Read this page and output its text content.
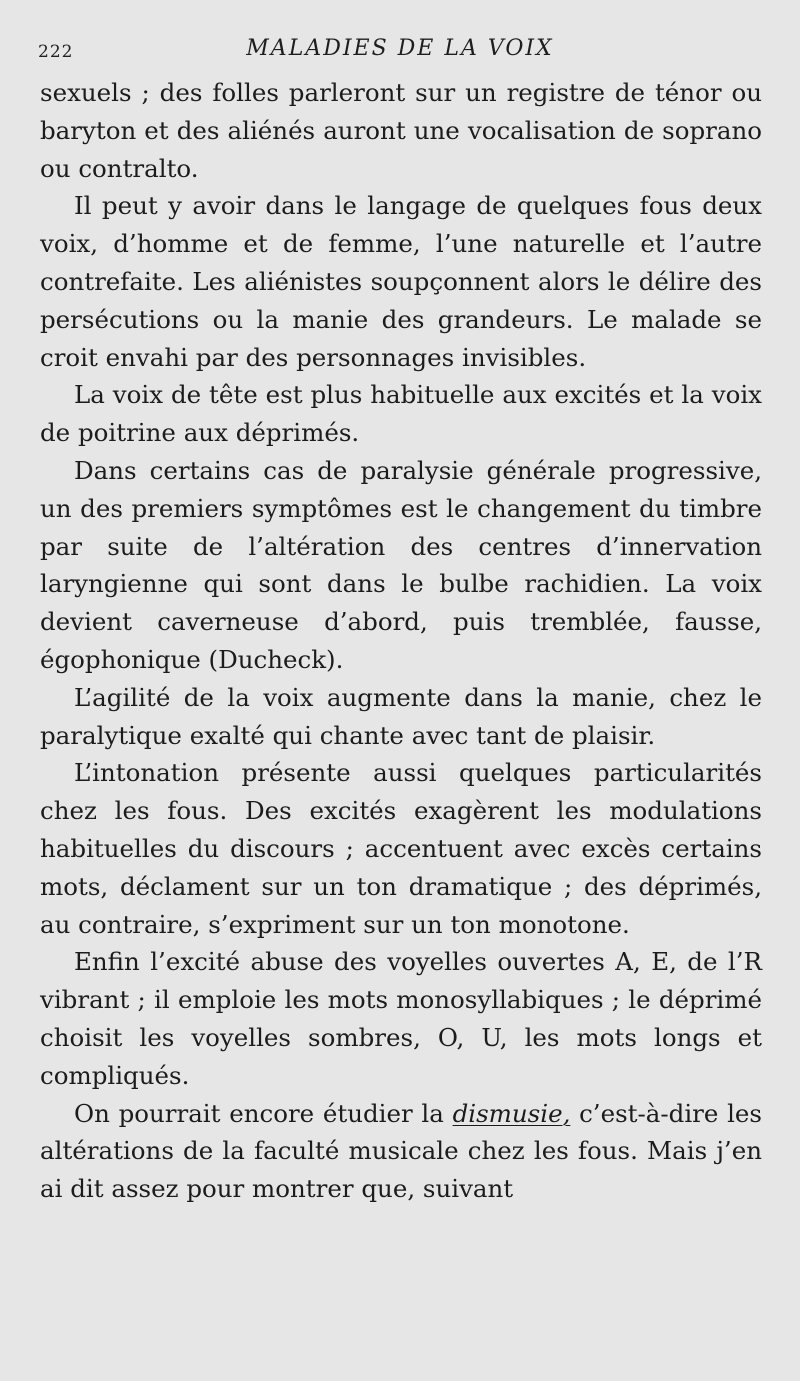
222	MALADIES DE LA VOIX

sexuels ; des folles parleront sur un registre de ténor ou baryton et des aliénés auront une vocalisation de soprano ou contralto.

Il peut y avoir dans le langage de quelques fous deux voix, d’homme et de femme, l’une naturelle et l’autre contrefaite. Les aliénistes soupçonnent alors le délire des persécutions ou la manie des grandeurs. Le malade se croit envahi par des personnages invisibles.

La voix de tête est plus habituelle aux excités et la voix de poitrine aux déprimés.

Dans certains cas de paralysie générale progressive, un des premiers symptômes est le changement du timbre par suite de l’altération des centres d’innervation laryngienne qui sont dans le bulbe rachidien. La voix devient caverneuse d’abord, puis tremblée, fausse, égophonique (Ducheck).

L’agilité de la voix augmente dans la manie, chez le paralytique exalté qui chante avec tant de plaisir.

L’intonation présente aussi quelques particularités chez les fous. Des excités exagèrent les modulations habituelles du discours ; accentuent avec excès certains mots, déclament sur un ton dramatique ; des déprimés, au contraire, s’expriment sur un ton monotone.

Enfin l’excité abuse des voyelles ouvertes A, E, de l’R vibrant ; il emploie les mots monosyllabiques ; le déprimé choisit les voyelles sombres, O, U, les mots longs et compliqués.

On pourrait encore étudier la dismusie, c’est-à-dire les altérations de la faculté musicale chez les fous. Mais j’en ai dit assez pour montrer que, suivant
